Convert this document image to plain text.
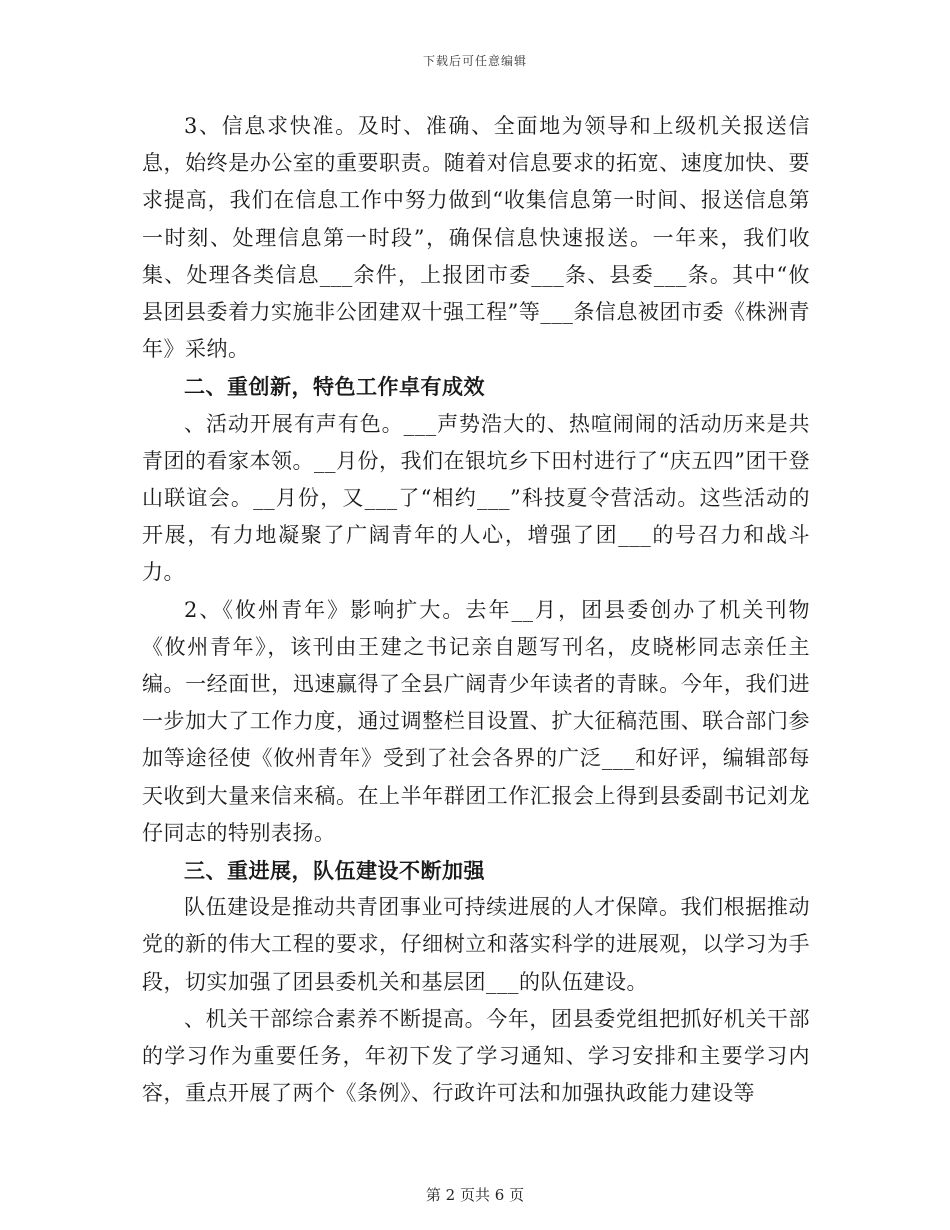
下载后可任意编辑

3、信息求快准。及时、准确、全面地为领导和上级机关报送信息，始终是办公室的重要职责。随着对信息要求的拓宽、速度加快、要求提高，我们在信息工作中努力做到“收集信息第一时间、报送信息第一时刻、处理信息第一时段”，确保信息快速报送。一年来，我们收集、处理各类信息___余件，上报团市委___条、县委___条。其中“攸县团县委着力实施非公团建双十强工程”等___条信息被团市委《株洲青年》采纳。

二、重创新，特色工作卓有成效

、活动开展有声有色。___声势浩大的、热喧闹闹的活动历来是共青团的看家本领。__月份，我们在银坑乡下田村进行了“庆五四”团干登山联谊会。__月份，又___了“相约___”科技夏令营活动。这些活动的开展，有力地凝聚了广阔青年的人心，增强了团___的号召力和战斗力。

2、《攸州青年》影响扩大。去年__月，团县委创办了机关刊物《攸州青年》，该刊由王建之书记亲自题写刊名，皮晓彬同志亲任主编。一经面世，迅速赢得了全县广阔青少年读者的青睐。今年，我们进一步加大了工作力度，通过调整栏目设置、扩大征稿范围、联合部门参加等途径使《攸州青年》受到了社会各界的广泛___和好评，编辑部每天收到大量来信来稿。在上半年群团工作汇报会上得到县委副书记刘龙仔同志的特别表扬。

三、重进展，队伍建设不断加强

队伍建设是推动共青团事业可持续进展的人才保障。我们根据推动党的新的伟大工程的要求，仔细树立和落实科学的进展观，以学习为手段，切实加强了团县委机关和基层团___的队伍建设。

、机关干部综合素养不断提高。今年，团县委党组把抓好机关干部的学习作为重要任务，年初下发了学习通知、学习安排和主要学习内容，重点开展了两个《条例》、行政许可法和加强执政能力建设等

第 2 页共 6 页
